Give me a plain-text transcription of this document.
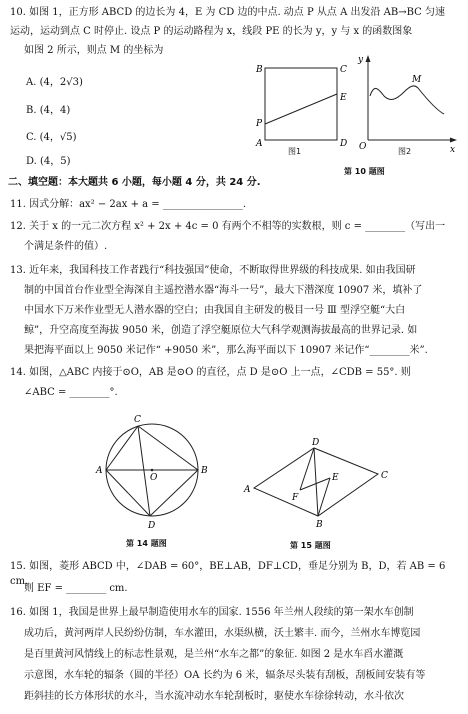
10. 如图 1，正方形 ABCD 的边长为 4，E 为 CD 边的中点. 动点 P 从点 A 出发沿 AB→BC 匀速
运动，运动到点 C 时停止. 设点 P 的运动路程为 x，线段 PE 的长为 y，y 与 x 的函数图象
如图 2 所示，则点 M 的坐标为
A. (4，2√3)
B. (4，4)
C. (4，√5)
D. (4，5)
B	C
E
P
A	D
图1
y
M
O	x
图2
第 10 题图
二、填空题：本大题共 6 小题，每小题 4 分，共 24 分.
11. 因式分解：ax² − 2ax + a = ________________.
12. 关于 x 的一元二次方程 x² + 2x + 4c = 0 有两个不相等的实数根，则 c = ________（写出一
个满足条件的值）.
13. 近年来，我国科技工作者践行“科技强国”使命，不断取得世界级的科技成果. 如由我国研
制的中国首台作业型全海深自主遥控潜水器“海斗一号”，最大下潜深度 10907 米，填补了
中国水下万米作业型无人潜水器的空白；由我国自主研发的极目一号 Ⅲ 型浮空艇“大白
鲸”，升空高度至海拔 9050 米，创造了浮空艇原位大气科学观测海拔最高的世界记录. 如
果把海平面以上 9050 米记作“ +9050 米”，那么海平面以下 10907 米记作“________米”.
14. 如图，△ABC 内接于⊙O，AB 是⊙O 的直径，点 D 是⊙O 上一点，∠CDB = 55°. 则
∠ABC = ________°.
C
A
O
B
D
第 14 题图
D
A
F
E	C
B
第 15 题图
15. 如图，菱形 ABCD 中，∠DAB = 60°，BE⊥AB，DF⊥CD，垂足分别为 B，D，若 AB = 6 cm，
则 EF = ________ cm.
16. 如图 1，我国是世界上最早制造使用水车的国家. 1556 年兰州人段续的第一架水车创制
成功后，黄河两岸人民纷纷仿制，车水灌田，水渠纵横，沃土繁丰. 而今，兰州水车博览园
是百里黄河风情线上的标志性景观，是兰州“水车之都”的象征. 如图 2 是水车舀水灌溉
示意图，水车轮的辐条（圆的半径）OA 长约为 6 米，辐条尽头装有刮板，刮板间安装有等
距斜挂的长方体形状的水斗，当水流冲动水车轮刮板时，驱使水车徐徐转动，水斗依次
